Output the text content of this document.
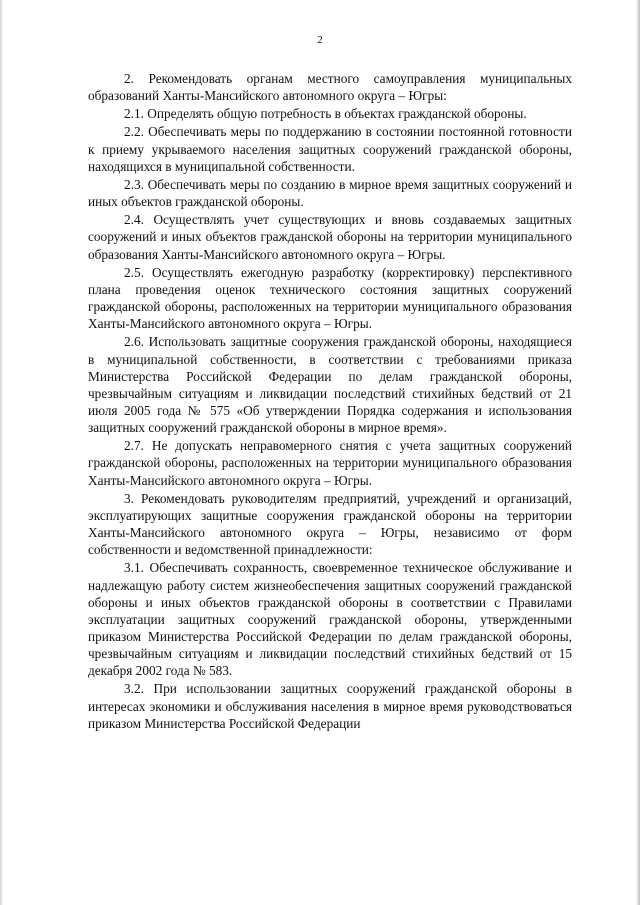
2

2. Рекомендовать органам местного самоуправления муниципальных образований Ханты-Мансийского автономного округа – Югры:

2.1. Определять общую потребность в объектах гражданской обороны.

2.2. Обеспечивать меры по поддержанию в состоянии постоянной готовности к приему укрываемого населения защитных сооружений гражданской обороны, находящихся в муниципальной собственности.

2.3. Обеспечивать меры по созданию в мирное время защитных сооружений и иных объектов гражданской обороны.

2.4. Осуществлять учет существующих и вновь создаваемых защитных сооружений и иных объектов гражданской обороны на территории муниципального образования Ханты-Мансийского автономного округа – Югры.

2.5. Осуществлять ежегодную разработку (корректировку) перспективного плана проведения оценок технического состояния защитных сооружений гражданской обороны, расположенных на территории муниципального образования Ханты-Мансийского автономного округа – Югры.

2.6. Использовать защитные сооружения гражданской обороны, находящиеся в муниципальной собственности, в соответствии с требованиями приказа Министерства Российской Федерации по делам гражданской обороны, чрезвычайным ситуациям и ликвидации последствий стихийных бедствий от 21 июля 2005 года № 575 «Об утверждении Порядка содержания и использования защитных сооружений гражданской обороны в мирное время».

2.7. Не допускать неправомерного снятия с учета защитных сооружений гражданской обороны, расположенных на территории муниципального образования Ханты-Мансийского автономного округа – Югры.

3. Рекомендовать руководителям предприятий, учреждений и организаций, эксплуатирующих защитные сооружения гражданской обороны на территории Ханты-Мансийского автономного округа – Югры, независимо от форм собственности и ведомственной принадлежности:

3.1. Обеспечивать сохранность, своевременное техническое обслуживание и надлежащую работу систем жизнеобеспечения защитных сооружений гражданской обороны и иных объектов гражданской обороны в соответствии с Правилами эксплуатации защитных сооружений гражданской обороны, утвержденными приказом Министерства Российской Федерации по делам гражданской обороны, чрезвычайным ситуациям и ликвидации последствий стихийных бедствий от 15 декабря 2002 года № 583.

3.2. При использовании защитных сооружений гражданской обороны в интересах экономики и обслуживания населения в мирное время руководствоваться приказом Министерства Российской Федерации
